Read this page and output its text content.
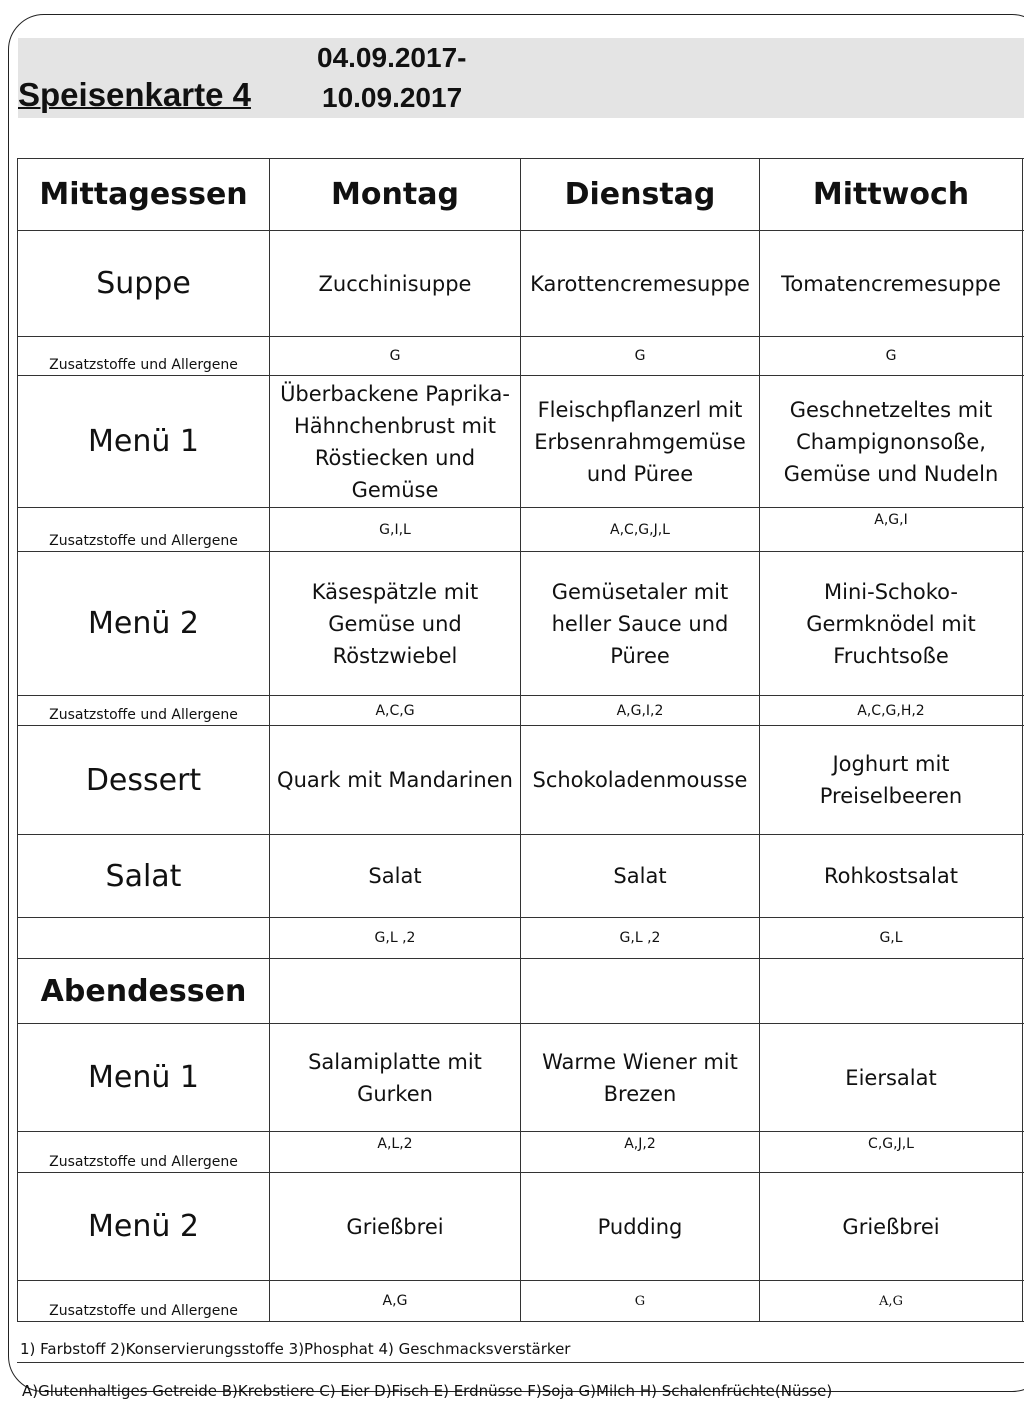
Speisenkarte 4
04.09.2017-
10.09.2017
Mittagessen	Montag	Dienstag	Mittwoch	
Suppe	Zucchinisuppe	Karottencremesuppe	Tomatencremesuppe	
Zusatzstoffe und Allergene	G	G	G	
Menü 1	Überbackene Paprika-Hähnchenbrust mit Röstiecken und Gemüse	Fleischpflanzerl mit Erbsenrahmgemüse und Püree	Geschnetzeltes mit Champignonsoße, Gemüse und Nudeln	
Zusatzstoffe und Allergene	G,I,L	A,C,G,J,L	A,G,I	
Menü 2	Käsespätzle mit Gemüse und Röstzwiebel	Gemüsetaler mit heller Sauce und Püree	Mini-Schoko-Germknödel mit Fruchtsoße	
Zusatzstoffe und Allergene	A,C,G	A,G,I,2	A,C,G,H,2	
Dessert	Quark mit Mandarinen	Schokoladenmousse	Joghurt mit Preiselbeeren	
Salat	Salat	Salat	Rohkostsalat	
	G,L ,2	G,L ,2	G,L	
Abendessen				
Menü 1	Salamiplatte mit Gurken	Warme Wiener mit Brezen	Eiersalat	
Zusatzstoffe und Allergene	A,L,2	A,J,2	C,G,J,L	
Menü 2	Grießbrei	Pudding	Grießbrei	
Zusatzstoffe und Allergene	A,G	G	A,G	
1) Farbstoff 2)Konservierungsstoffe 3)Phosphat 4) Geschmacksverstärker
A)Glutenhaltiges Getreide B)Krebstiere C) Eier D)Fisch E) Erdnüsse F)Soja G)Milch H) Schalenfrüchte(Nüsse)
